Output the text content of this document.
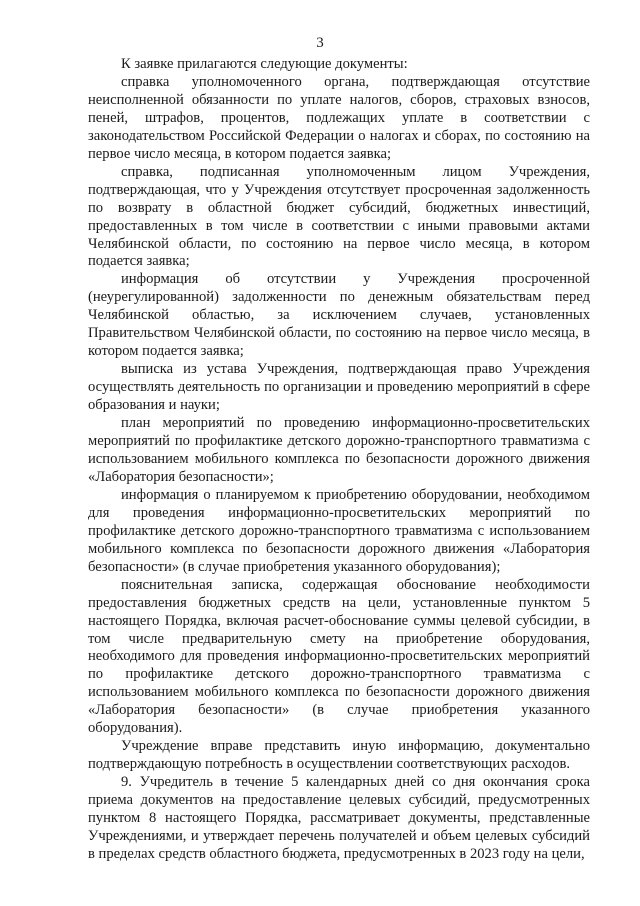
3

К заявке прилагаются следующие документы:

справка уполномоченного органа, подтверждающая отсутствие неисполненной обязанности по уплате налогов, сборов, страховых взносов, пеней, штрафов, процентов, подлежащих уплате в соответствии с законодательством Российской Федерации о налогах и сборах, по состоянию на первое число месяца, в котором подается заявка;

справка, подписанная уполномоченным лицом Учреждения, подтверждающая, что у Учреждения отсутствует просроченная задолженность по возврату в областной бюджет субсидий, бюджетных инвестиций, предоставленных в том числе в соответствии с иными правовыми актами Челябинской области, по состоянию на первое число месяца, в котором подается заявка;

информация об отсутствии у Учреждения просроченной (неурегулированной) задолженности по денежным обязательствам перед Челябинской областью, за исключением случаев, установленных Правительством Челябинской области, по состоянию на первое число месяца, в котором подается заявка;

выписка из устава Учреждения, подтверждающая право Учреждения осуществлять деятельность по организации и проведению мероприятий в сфере образования и науки;

план мероприятий по проведению информационно-просветительских мероприятий по профилактике детского дорожно-транспортного травматизма с использованием мобильного комплекса по безопасности дорожного движения «Лаборатория безопасности»;

информация о планируемом к приобретению оборудовании, необходимом для проведения информационно-просветительских мероприятий по профилактике детского дорожно-транспортного травматизма с использованием мобильного комплекса по безопасности дорожного движения «Лаборатория безопасности» (в случае приобретения указанного оборудования);

пояснительная записка, содержащая обоснование необходимости предоставления бюджетных средств на цели, установленные пунктом 5 настоящего Порядка, включая расчет-обоснование суммы целевой субсидии, в том числе предварительную смету на приобретение оборудования, необходимого для проведения информационно-просветительских мероприятий по профилактике детского дорожно-транспортного травматизма с использованием мобильного комплекса по безопасности дорожного движения «Лаборатория безопасности» (в случае приобретения указанного оборудования).

Учреждение вправе представить иную информацию, документально подтверждающую потребность в осуществлении соответствующих расходов.

9. Учредитель в течение 5 календарных дней со дня окончания срока приема документов на предоставление целевых субсидий, предусмотренных пунктом 8 настоящего Порядка, рассматривает документы, представленные Учреждениями, и утверждает перечень получателей и объем целевых субсидий в пределах средств областного бюджета, предусмотренных в 2023 году на цели,
